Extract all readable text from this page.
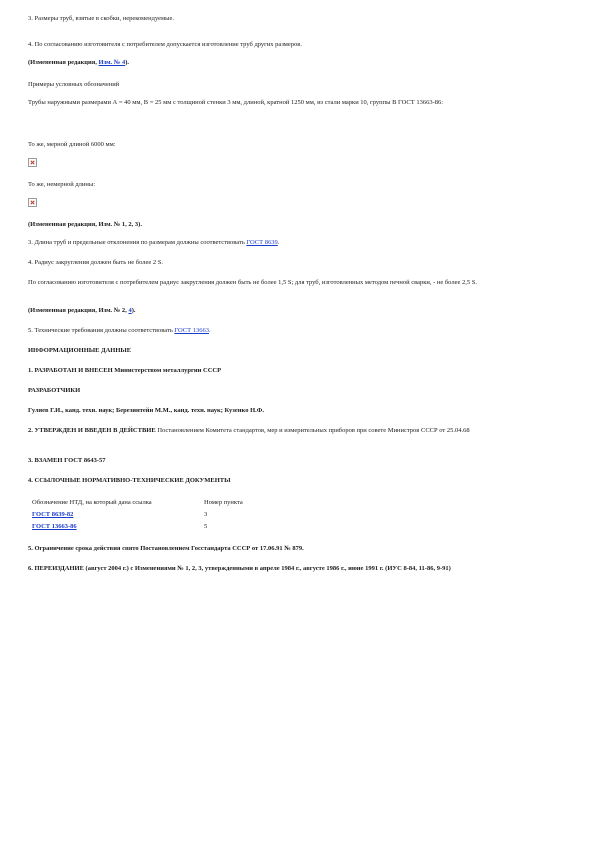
3. Размеры труб, взятые в скобки, нерекомендуемые.
4. По согласованию изготовителя с потребителем допускается изготовление труб других размеров.
(Измененная редакция, Изм. № 4).
Примеры условных обозначений
Трубы наружными размерами А = 40 мм, В = 25 мм с толщиной стенки 3 мм, длиной, кратной 1250 мм, из стали марки 10, группы В ГОСТ 13663-86:
То же, мерной длиной 6000 мм:
То же, немерной длины:
(Измененная редакция, Изм. № 1, 2, 3).
3. Длина труб и предельные отклонения по размерам должны соответствовать ГОСТ 8639.
4. Радиус закругления должен быть не более 2 S.
По согласованию изготовителя с потребителем радиус закругления должен быть не более 1,5 S; для труб, изготовленных методом печной сварки, - не более 2,5 S.
(Измененная редакция, Изм. № 2, 4).
5. Технические требования должны соответствовать ГОСТ 13663.
ИНФОРМАЦИОННЫЕ ДАННЫЕ
1. РАЗРАБОТАН И ВНЕСЕН Министерством металлургии СССР
РАЗРАБОТЧИКИ
Гуляев Г.И., канд. техн. наук; Березинтейн М.М., канд. техн. наук; Кузенко Н.Ф.
2. УТВЕРЖДЕН И ВВЕДЕН В ДЕЙСТВИЕ Постановлением Комитета стандартов, мер и измерительных приборов при совете Министров СССР от 25.04.68
3. ВЗАМЕН ГОСТ 8643-57
4. ССЫЛОЧНЫЕ НОРМАТИВНО-ТЕХНИЧЕСКИЕ ДОКУМЕНТЫ
Обозначение НТД, на который дана ссылка	Номер пункта
ГОСТ 8639-82	3
ГОСТ 13663-86	5
5. Ограничение срока действия снято Постановлением Госстандарта СССР от 17.06.91 № 879.
6. ПЕРЕИЗДАНИЕ (август 2004 г.) с Изменениями № 1, 2, 3, утвержденными в апреле 1984 г., августе 1986 г., июне 1991 г. (ИУС 8-84, 11-86, 9-91)
